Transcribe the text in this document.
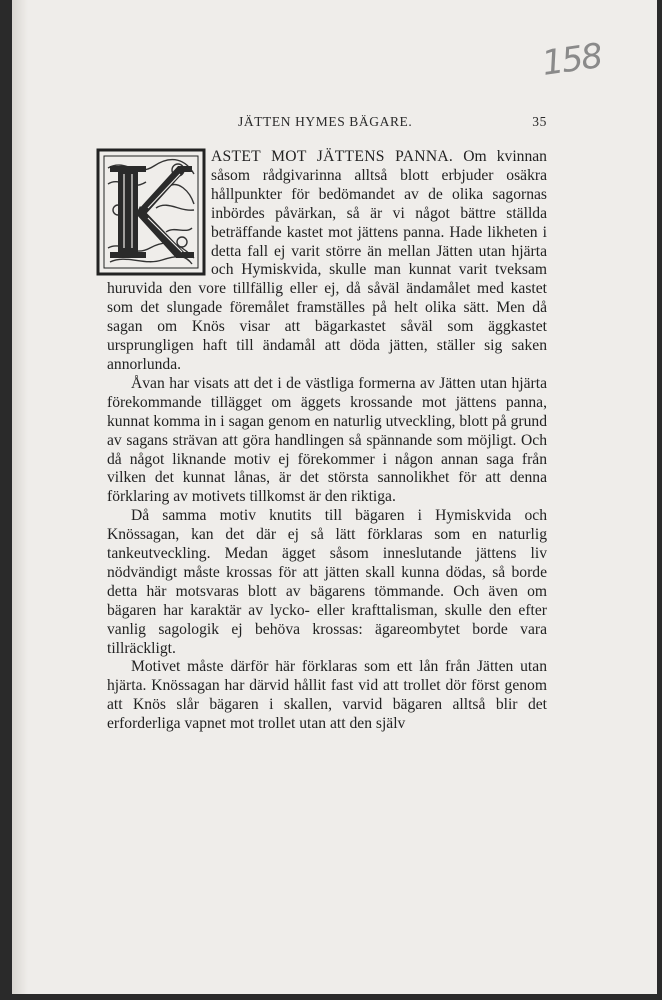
158
JÄTTEN HYMES BÄGARE.	35

ASTET MOT JÄTTENS PANNA. Om kvinnan såsom rådgivarinna alltså blott erbjuder osäkra hållpunkter för bedömandet av de olika sagornas inbördes påvärkan, så är vi något bättre ställda beträffande kastet mot jättens panna. Hade likheten i detta fall ej varit större än mellan Jätten utan hjärta och Hymiskvida, skulle man kunnat varit tveksam huruvida den vore tillfällig eller ej, då såväl ändamålet med kastet som det slungade föremålet framställes på helt olika sätt. Men då sagan om Knös visar att bägarkastet såväl som äggkastet ursprungligen haft till ändamål att döda jätten, ställer sig saken annorlunda.

Åvan har visats att det i de västliga formerna av Jätten utan hjärta förekommande tillägget om äggets krossande mot jättens panna, kunnat komma in i sagan genom en naturlig utveckling, blott på grund av sagans strävan att göra handlingen så spännande som möjligt. Och då något liknande motiv ej förekommer i någon annan saga från vilken det kunnat lånas, är det största sannolikhet för att denna förklaring av motivets tillkomst är den riktiga.

Då samma motiv knutits till bägaren i Hymiskvida och Knössagan, kan det där ej så lätt förklaras som en naturlig tankeutveckling. Medan ägget såsom inneslutande jättens liv nödvändigt måste krossas för att jätten skall kunna dödas, så borde detta här motsvaras blott av bägarens tömmande. Och även om bägaren har karaktär av lycko- eller krafttalisman, skulle den efter vanlig sagologik ej behöva krossas: ägareombytet borde vara tillräckligt.

Motivet måste därför här förklaras som ett lån från Jätten utan hjärta. Knössagan har därvid hållit fast vid att trollet dör först genom att Knös slår bägaren i skallen, varvid bägaren alltså blir det erforderliga vapnet mot trollet utan att den själv
